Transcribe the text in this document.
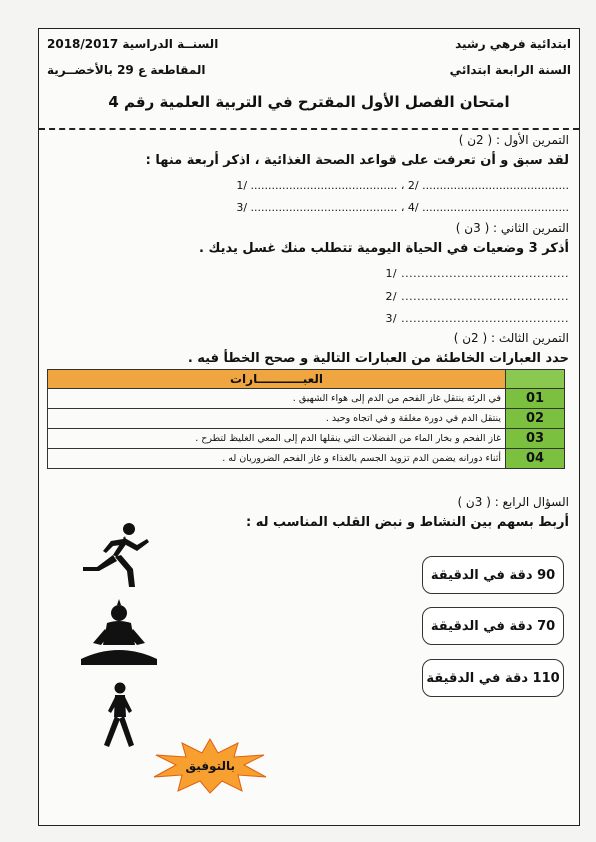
ابتدائية فرهي رشيد
السنــة الدراسية 2018/2017
السنة الرابعة ابتدائي
المقاطعة ع 29 بالأخضــرية
امتحان الفصل الأول المقترح في التربية العلمية رقم 4
التمرين الأول : ( 2ن )
لقد سبق و أن تعرفت على قواعد الصحة الغذائية ، اذكر أربعة منها :
1/ .......................................... ، 2/ ..........................................
3/ .......................................... ، 4/ ..........................................
التمرين الثاني : ( 3ن )
أذكر 3 وضعيات في الحياة اليومية تتطلب منك غسل يديك .
1/ ..........................................
2/ ..........................................
3/ ..........................................
التمرين الثالث : ( 2ن )
حدد العبارات الخاطئة من العبارات التالية و صحح الخطأ فيه .
	العبـــــــــــارات
01	في الرئة ينتقل غاز الفحم من الدم إلى هواء الشهيق .
02	ينتقل الدم في دورة مغلقة و في اتجاه وحيد .
03	غاز الفحم و بخار الماء من الفضلات التي ينقلها الدم إلى المعي الغليظ لتطرح .
04	أثناء دورانه يضمن الدم تزويد الجسم بالغذاء و غاز الفحم الضروريان له .
السؤال الرابع : ( 3ن )
أربط بسهم بين النشاط و نبض القلب المناسب له :
90 دقة في الدقيقة
70 دقة في الدقيقة
110 دقة في الدقيقة
بالتوفيق
